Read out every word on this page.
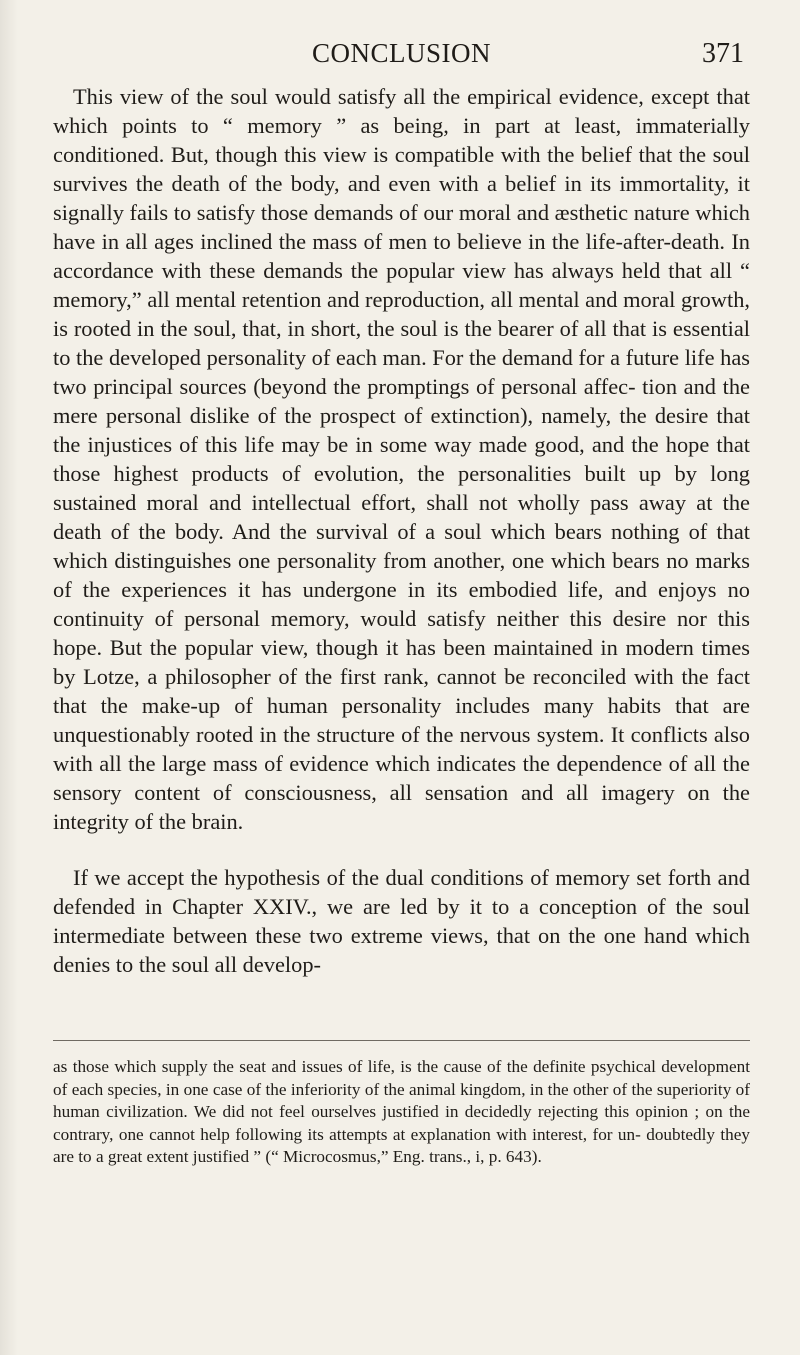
CONCLUSION	371

This view of the soul would satisfy all the empirical evidence, except that which points to “ memory ” as being, in part at least, immaterially conditioned. But, though this view is compatible with the belief that the soul survives the death of the body, and even with a belief in its immortality, it signally fails to satisfy those demands of our moral and æsthetic nature which have in all ages inclined the mass of men to believe in the life-after-death. In accordance with these demands the popular view has always held that all “ memory,” all mental retention and reproduction, all mental and moral growth, is rooted in the soul, that, in short, the soul is the bearer of all that is essential to the developed personality of each man. For the demand for a future life has two principal sources (beyond the promptings of personal affec- tion and the mere personal dislike of the prospect of extinction), namely, the desire that the injustices of this life may be in some way made good, and the hope that those highest products of evolution, the personalities built up by long sustained moral and intellectual effort, shall not wholly pass away at the death of the body. And the survival of a soul which bears nothing of that which distinguishes one personality from another, one which bears no marks of the experiences it has undergone in its embodied life, and enjoys no continuity of personal memory, would satisfy neither this desire nor this hope. But the popular view, though it has been maintained in modern times by Lotze, a philosopher of the first rank, cannot be reconciled with the fact that the make-up of human personality includes many habits that are unquestionably rooted in the structure of the nervous system. It conflicts also with all the large mass of evidence which indicates the dependence of all the sensory content of consciousness, all sensation and all imagery on the integrity of the brain.

If we accept the hypothesis of the dual conditions of memory set forth and defended in Chapter XXIV., we are led by it to a conception of the soul intermediate between these two extreme views, that on the one hand which denies to the soul all develop-

as those which supply the seat and issues of life, is the cause of the definite psychical development of each species, in one case of the inferiority of the animal kingdom, in the other of the superiority of human civilization. We did not feel ourselves justified in decidedly rejecting this opinion ; on the contrary, one cannot help following its attempts at explanation with interest, for un- doubtedly they are to a great extent justified ” (“ Microcosmus,” Eng. trans., i, p. 643).
